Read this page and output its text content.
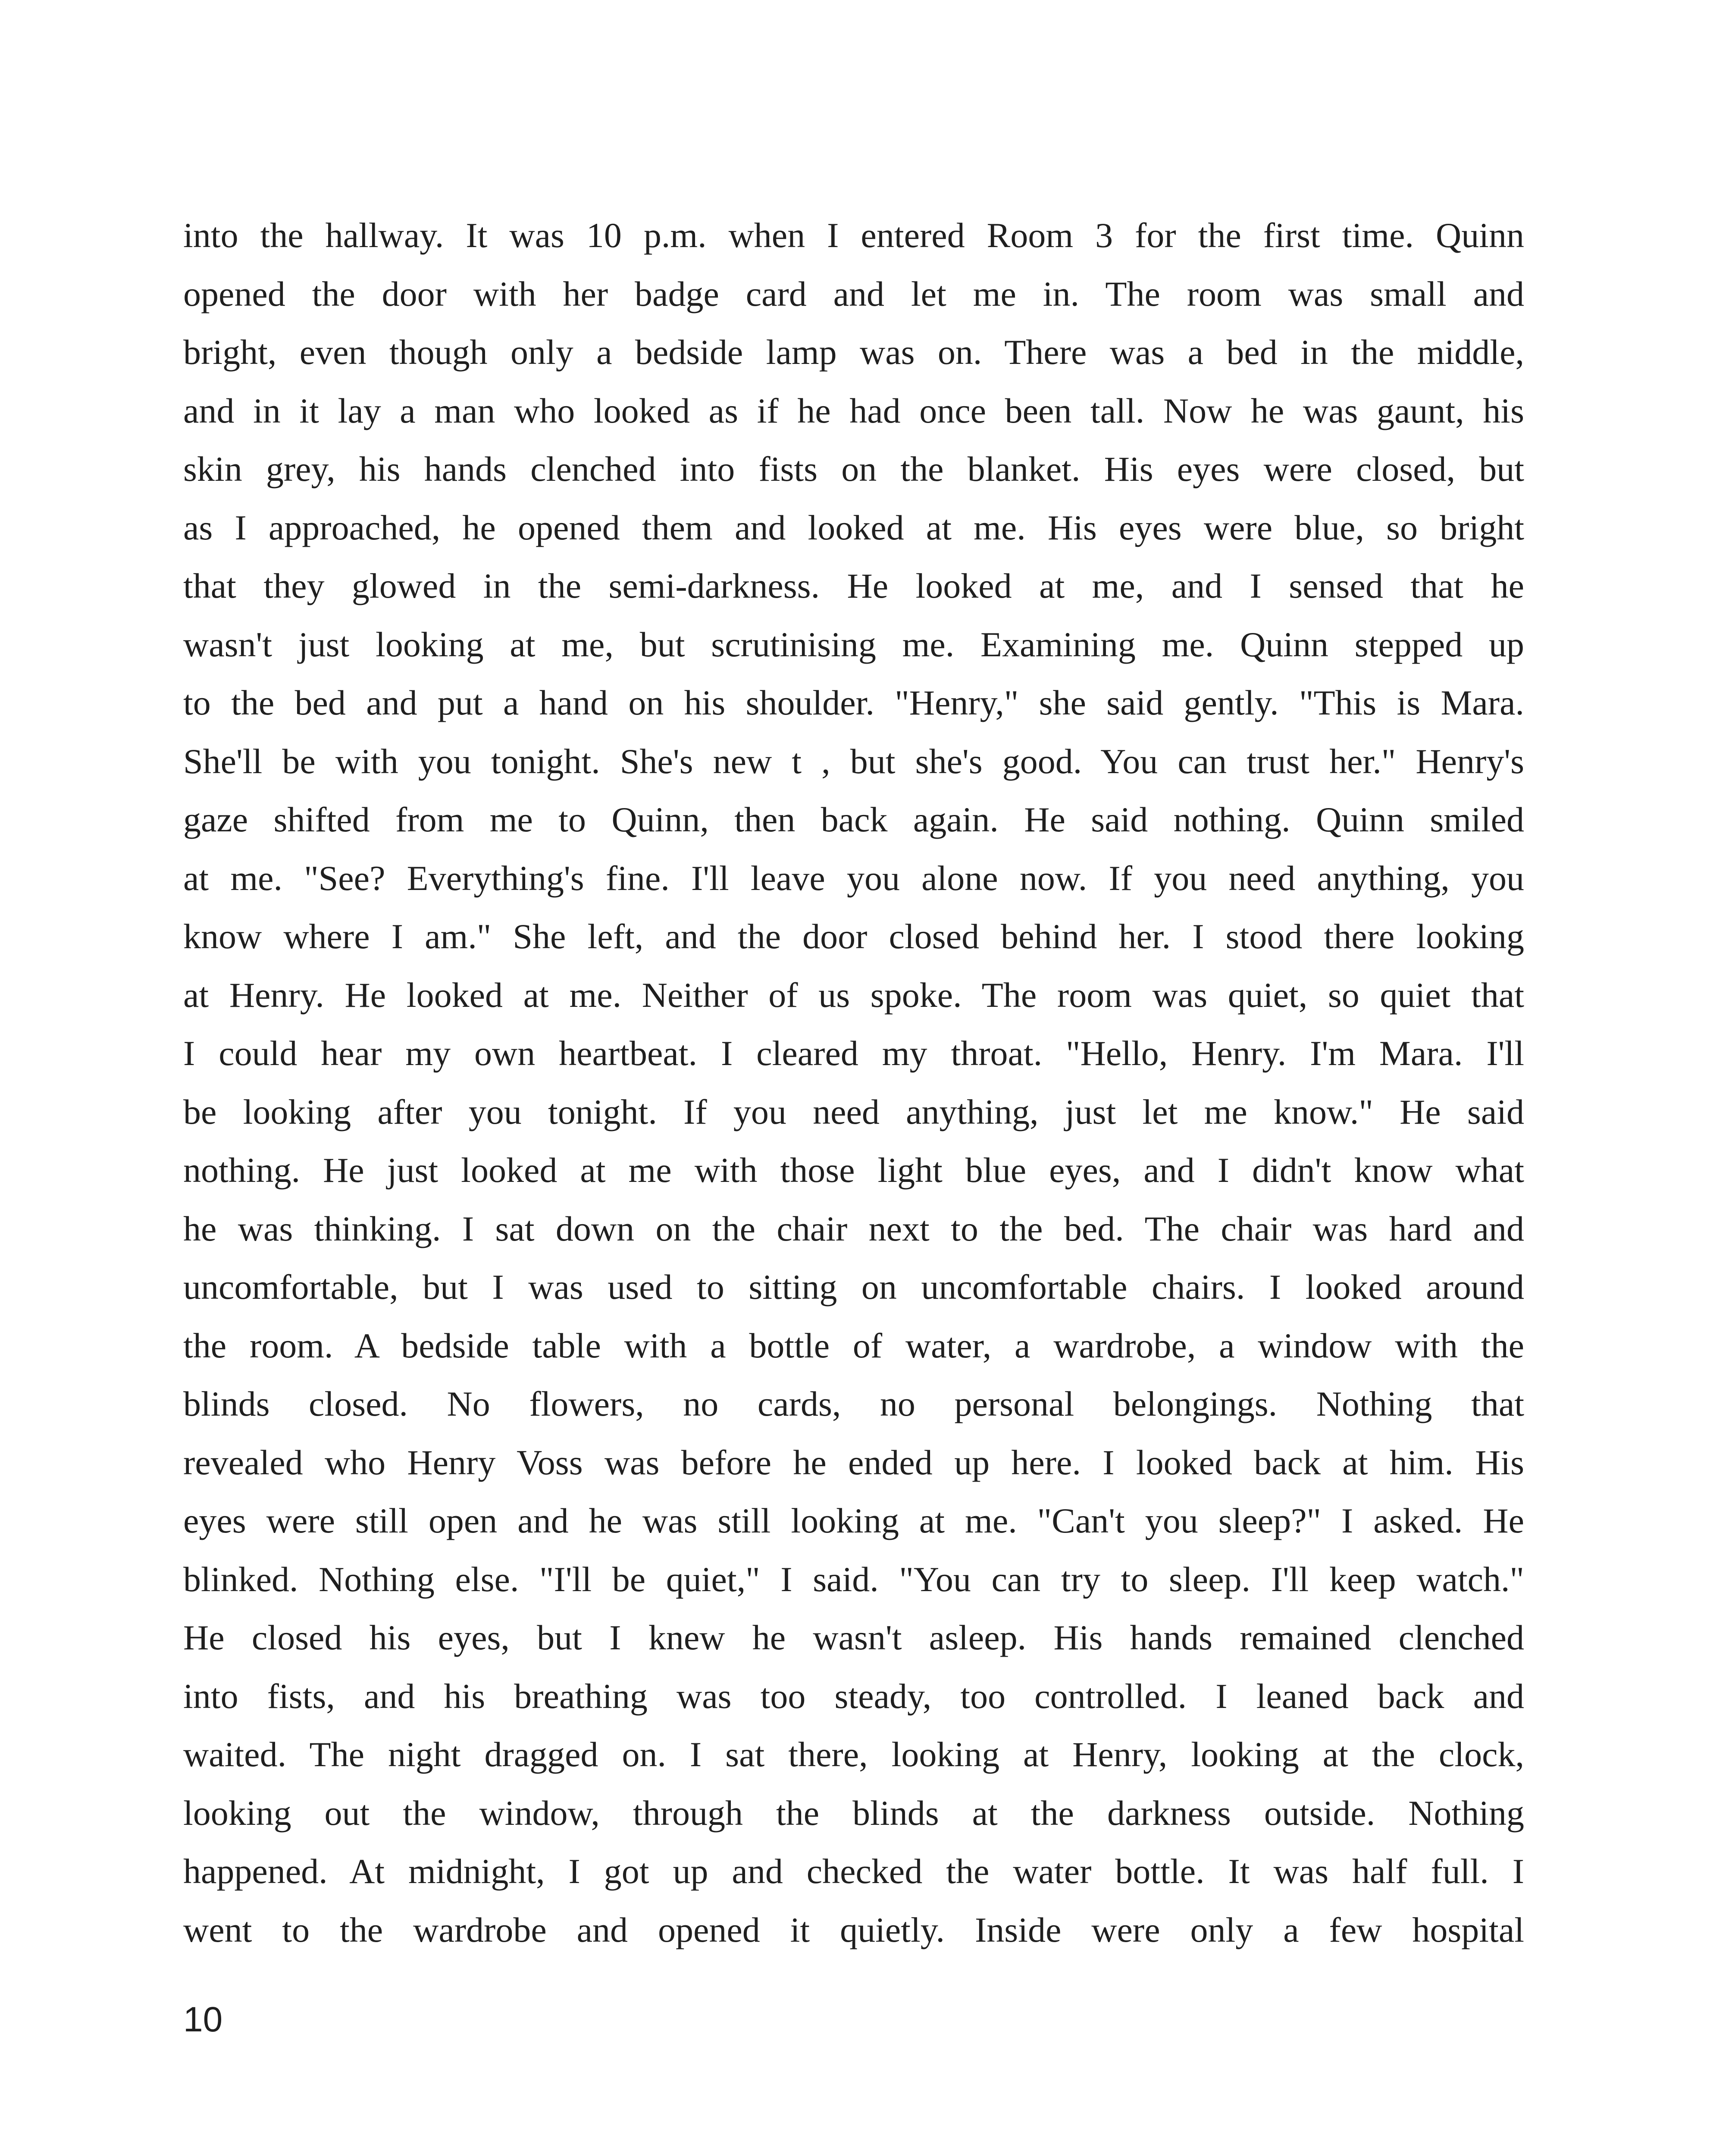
into the hallway. It was 10 p.m. when I entered Room 3 for the first time. Quinn
opened the door with her badge card and let me in. The room was small and
bright, even though only a bedside lamp was on. There was a bed in the middle,
and in it lay a man who looked as if he had once been tall. Now he was gaunt, his
skin grey, his hands clenched into fists on the blanket. His eyes were closed, but
as I approached, he opened them and looked at me. His eyes were blue, so bright
that they glowed in the semi-darkness. He looked at me, and I sensed that he
wasn't just looking at me, but scrutinising me. Examining me. Quinn stepped up
to the bed and put a hand on his shoulder. "Henry," she said gently. "This is Mara.
She'll be with you tonight. She's new t , but she's good. You can trust her." Henry's
gaze shifted from me to Quinn, then back again. He said nothing. Quinn smiled
at me. "See? Everything's fine. I'll leave you alone now. If you need anything, you
know where I am." She left, and the door closed behind her. I stood there looking
at Henry. He looked at me. Neither of us spoke. The room was quiet, so quiet that
I could hear my own heartbeat. I cleared my throat. "Hello, Henry. I'm Mara. I'll
be looking after you tonight. If you need anything, just let me know." He said
nothing. He just looked at me with those light blue eyes, and I didn't know what
he was thinking. I sat down on the chair next to the bed. The chair was hard and
uncomfortable, but I was used to sitting on uncomfortable chairs. I looked around
the room. A bedside table with a bottle of water, a wardrobe, a window with the
blinds closed. No flowers, no cards, no personal belongings. Nothing that
revealed who Henry Voss was before he ended up here. I looked back at him. His
eyes were still open and he was still looking at me. "Can't you sleep?" I asked. He
blinked. Nothing else. "I'll be quiet," I said. "You can try to sleep. I'll keep watch."
He closed his eyes, but I knew he wasn't asleep. His hands remained clenched
into fists, and his breathing was too steady, too controlled. I leaned back and
waited. The night dragged on. I sat there, looking at Henry, looking at the clock,
looking out the window, through the blinds at the darkness outside. Nothing
happened. At midnight, I got up and checked the water bottle. It was half full. I
went to the wardrobe and opened it quietly. Inside were only a few hospital
10
